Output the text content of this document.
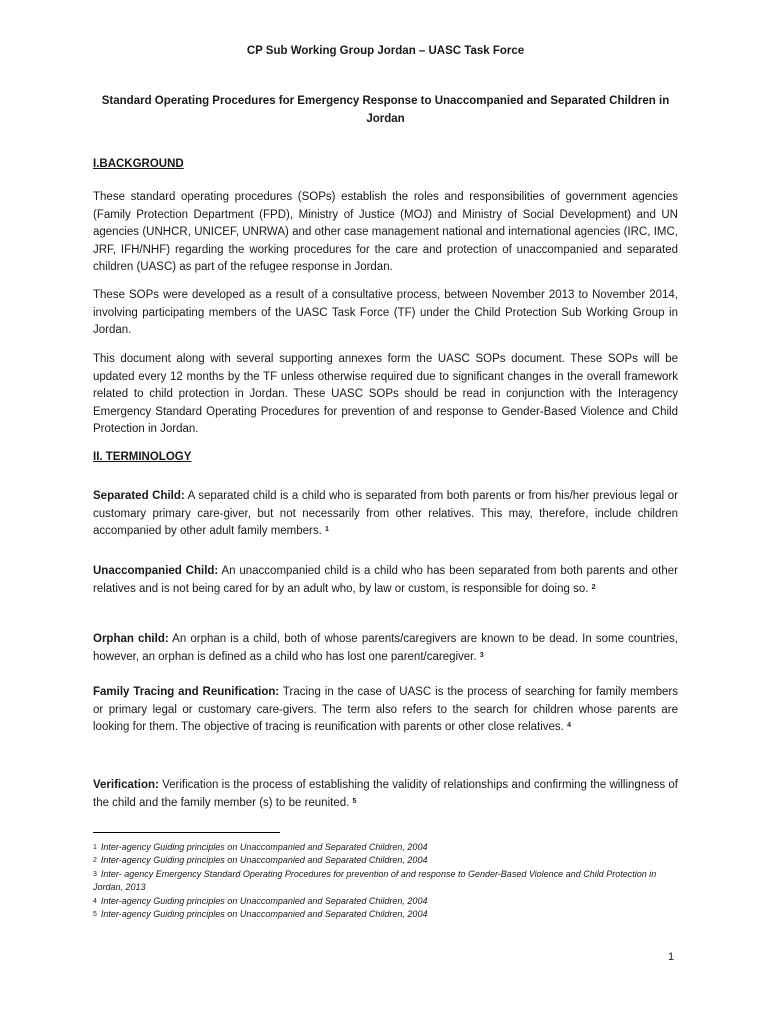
CP Sub Working Group Jordan – UASC Task Force
Standard Operating Procedures for Emergency Response to Unaccompanied and Separated Children in Jordan
I.BACKGROUND

These standard operating procedures (SOPs) establish the roles and responsibilities of government agencies (Family Protection Department (FPD), Ministry of Justice (MOJ) and Ministry of Social Development) and UN agencies (UNHCR, UNICEF, UNRWA) and other case management national and international agencies (IRC, IMC, JRF, IFH/NHF) regarding the working procedures for the care and protection of unaccompanied and separated children (UASC) as part of the refugee response in Jordan.

These SOPs were developed as a result of a consultative process, between November 2013 to November 2014, involving participating members of the UASC Task Force (TF) under the Child Protection Sub Working Group in Jordan.

This document along with several supporting annexes form the UASC SOPs document. These SOPs will be updated every 12 months by the TF unless otherwise required due to significant changes in the overall framework related to child protection in Jordan. These UASC SOPs should be read in conjunction with the Interagency Emergency Standard Operating Procedures for prevention of and response to Gender-Based Violence and Child Protection in Jordan.

II. TERMINOLOGY

Separated Child: A separated child is a child who is separated from both parents or from his/her previous legal or customary primary care-giver, but not necessarily from other relatives. This may, therefore, include children accompanied by other adult family members. $^1$

Unaccompanied Child: An unaccompanied child is a child who has been separated from both parents and other relatives and is not being cared for by an adult who, by law or custom, is responsible for doing so. $^2$

Orphan child: An orphan is a child, both of whose parents/caregivers are known to be dead. In some countries, however, an orphan is defined as a child who has lost one parent/caregiver. $^3$

Family Tracing and Reunification: Tracing in the case of UASC is the process of searching for family members or primary legal or customary care-givers. The term also refers to the search for children whose parents are looking for them. The objective of tracing is reunification with parents or other close relatives. $^4$

Verification: Verification is the process of establishing the validity of relationships and confirming the willingness of the child and the family member (s) to be reunited. $^5$

$^1$ Inter-agency Guiding principles on Unaccompanied and Separated Children, 2004
$^2$ Inter-agency Guiding principles on Unaccompanied and Separated Children, 2004
$^3$ Inter- agency Emergency Standard Operating Procedures for prevention of and response to Gender-Based Violence and Child Protection in Jordan, 2013
$^4$ Inter-agency Guiding principles on Unaccompanied and Separated Children, 2004
$^5$ Inter-agency Guiding principles on Unaccompanied and Separated Children, 2004
1
